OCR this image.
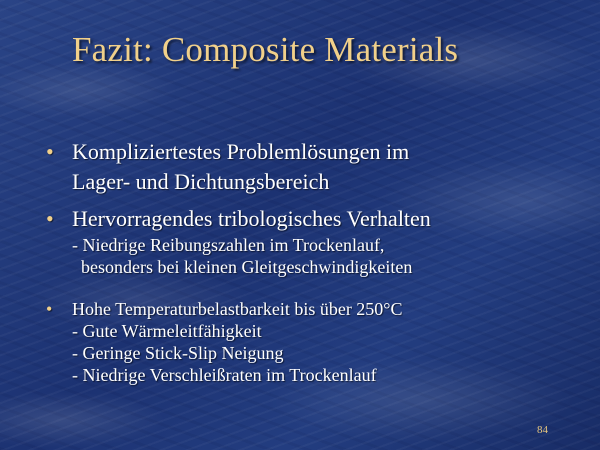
Fazit: Composite Materials
• Kompliziertestes Problemlösungen im
Lager- und Dichtungsbereich
• Hervorragendes tribologisches Verhalten
- Niedrige Reibungszahlen im Trockenlauf,
besonders bei kleinen Gleitgeschwindigkeiten
• Hohe Temperaturbelastbarkeit bis über 250°C
- Gute Wärmeleitfähigkeit
- Geringe Stick-Slip Neigung
- Niedrige Verschleißraten im Trockenlauf
84
